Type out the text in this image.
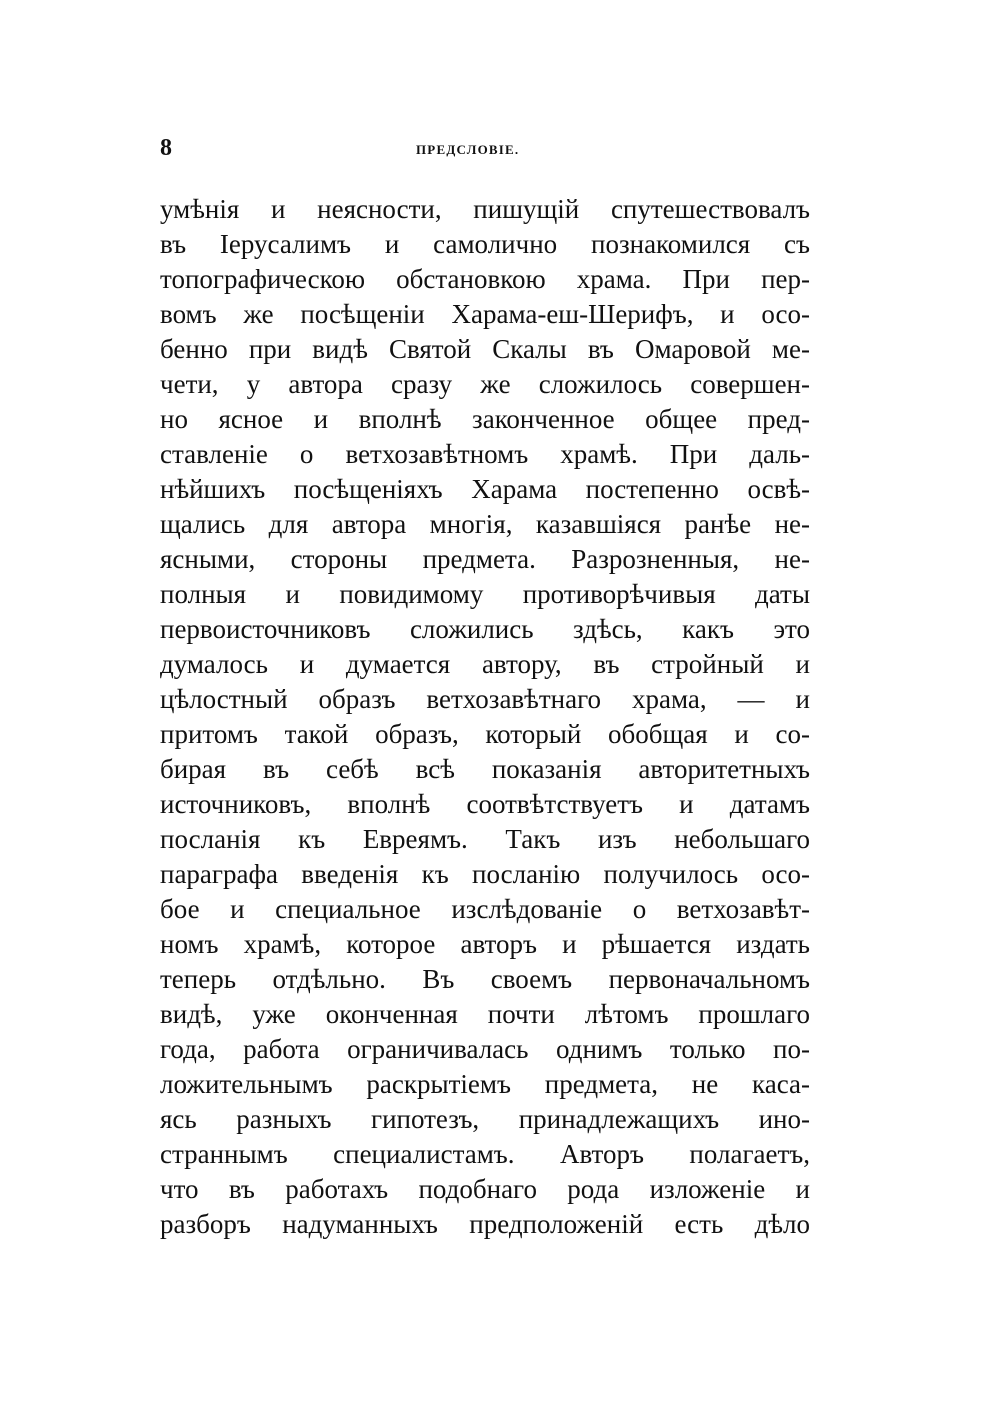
8	ПРЕДСЛОВІЕ.
умѣнія и неясности, пишущій спутешествовалъ
въ Іерусалимъ и самолично познакомился съ
топографическою обстановкою храма. При пер-
вомъ же посѣщеніи Харама-еш-Шерифъ, и осо-
бенно при видѣ Святой Скалы въ Омаровой ме-
чети, у автора сразу же сложилось совершен-
но ясное и вполнѣ законченное общее пред-
ставленіе о ветхозавѣтномъ храмѣ. При даль-
нѣйшихъ посѣщеніяхъ Харама постепенно освѣ-
щались для автора многія, казавшіяся ранѣе не-
ясными, стороны предмета. Разрозненныя, не-
полныя и повидимому противорѣчивыя даты
первоисточниковъ сложились здѣсь, какъ это
думалось и думается автору, въ стройный и
цѣлостный образъ ветхозавѣтнаго храма, — и
притомъ такой образъ, который обобщая и со-
бирая въ себѣ всѣ показанія авторитетныхъ
источниковъ, вполнѣ соотвѣтствуетъ и датамъ
посланія къ Евреямъ. Такъ изъ небольшаго
параграфа введенія къ посланію получилось осо-
бое и специальное изслѣдованіе о ветхозавѣт-
номъ храмѣ, которое авторъ и рѣшается издать
теперь отдѣльно. Въ своемъ первоначальномъ
видѣ, уже оконченная почти лѣтомъ прошлаго
года, работа ограничивалась однимъ только по-
ложительнымъ раскрытіемъ предмета, не каса-
ясь разныхъ гипотезъ, принадлежащихъ ино-
страннымъ специалистамъ. Авторъ полагаетъ,
что въ работахъ подобнаго рода изложеніе и
разборъ надуманныхъ предположеній есть дѣло
